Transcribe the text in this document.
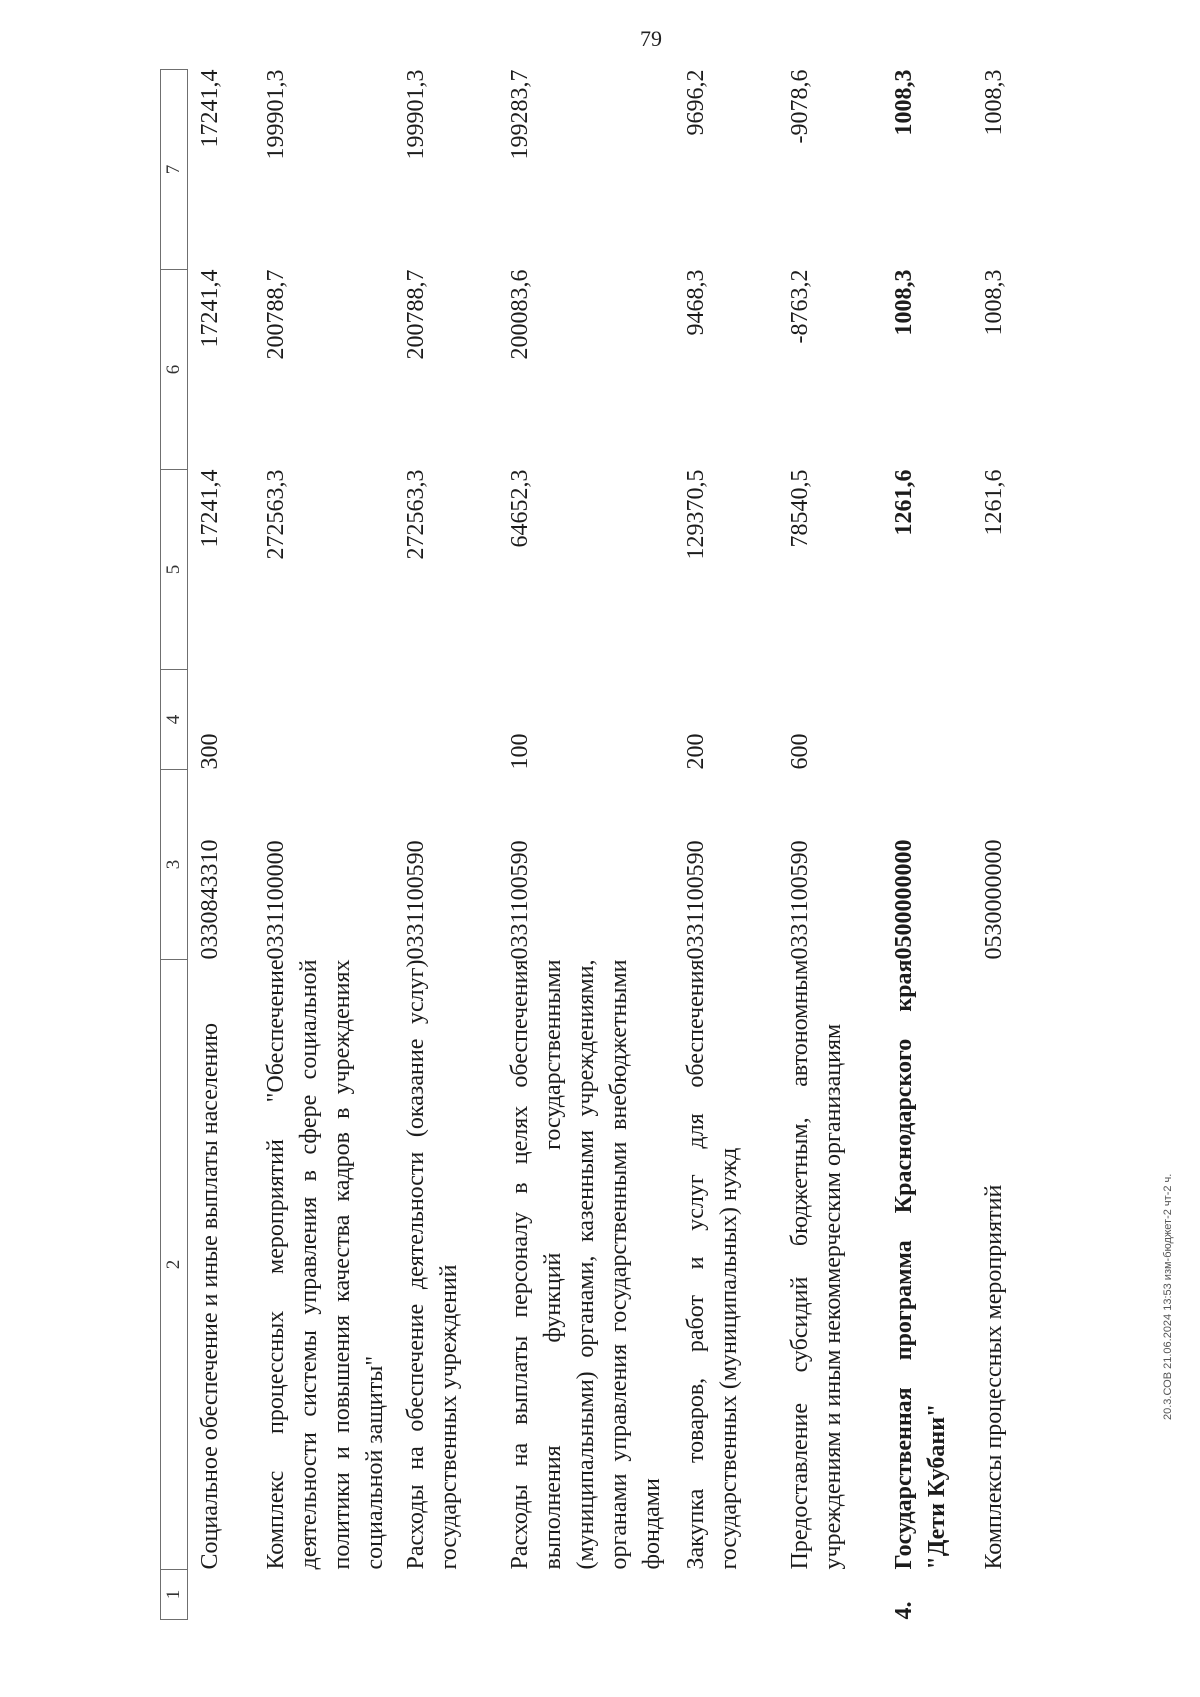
79
1	2	3	4	5	6	7
	Социальное обеспечение и иные выплаты населению	0330843310	300	17241,4	17241,4	17241,4
	Комплекс процессных мероприятий "Обеспечение деятельности системы управления в сфере социальной политики и повышения качества кадров в учреждениях социальной защиты"	0331100000		272563,3	200788,7	199901,3
	Расходы на обеспечение деятельности (оказание услуг) государственных учреждений	0331100590		272563,3	200788,7	199901,3
	Расходы на выплаты персоналу в целях обеспечения выполнения функций государственными (муниципальными) органами, казенными учреждениями, органами управления государственными внебюджетными фондами	0331100590	100	64652,3	200083,6	199283,7
	Закупка товаров, работ и услуг для обеспечения государственных (муниципальных) нужд	0331100590	200	129370,5	9468,3	9696,2
	Предоставление субсидий бюджетным, автономным учреждениям и иным некоммерческим организациям	0331100590	600	78540,5	-8763,2	-9078,6
4.	Государственная программа Краснодарского края "Дети Кубани"	0500000000		1261,6	1008,3	1008,3
	Комплексы процессных мероприятий	0530000000		1261,6	1008,3	1008,3
20.3.СОВ 21.06.2024 13:53 изм-бюджет-2 чт-2 ч.
